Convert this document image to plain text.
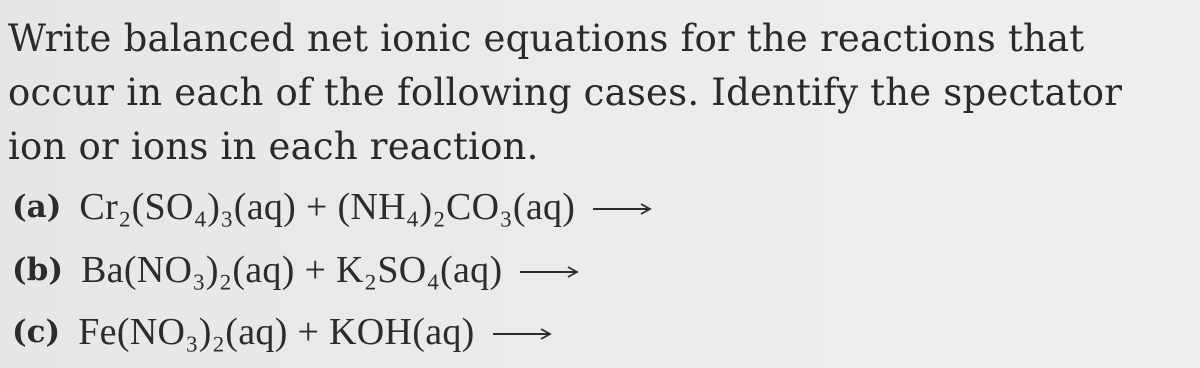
Write balanced net ionic equations for the reactions that
occur in each of the following cases. Identify the spectator
ion or ions in each reaction.
(a) Cr₂(SO₄)₃(aq) + (NH₄)₂CO₃(aq)
(b) Ba(NO₃)₂(aq) + K₂SO₄(aq)
(c) Fe(NO₃)₂(aq) + KOH(aq)
